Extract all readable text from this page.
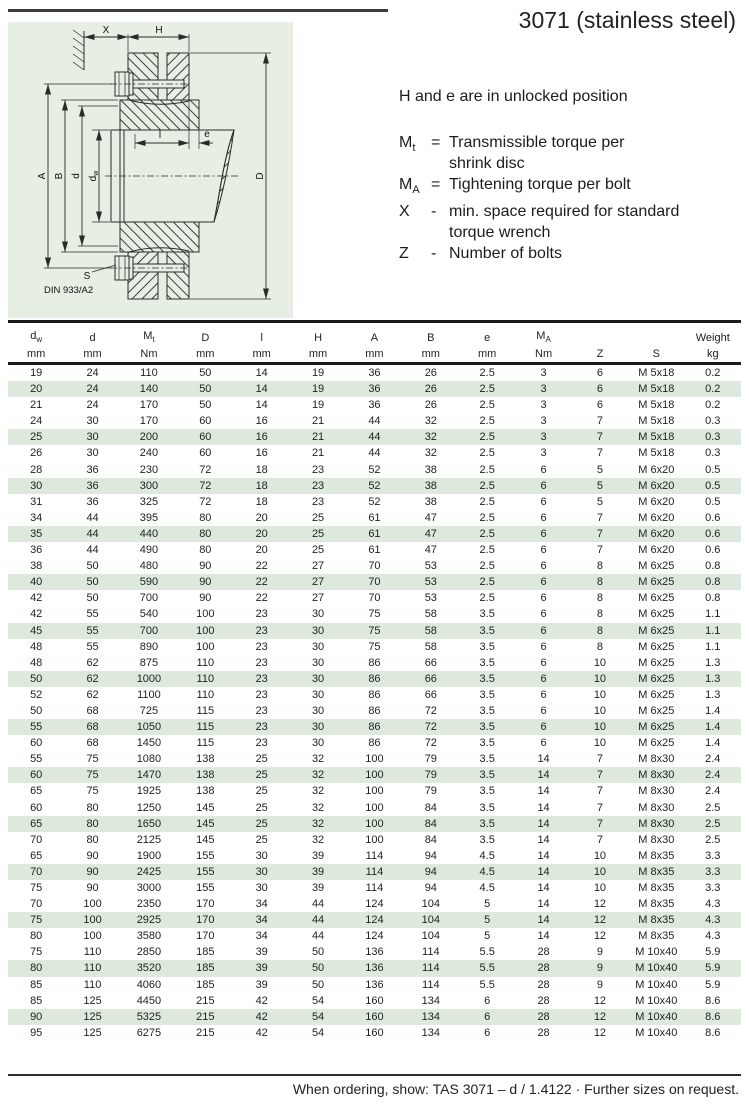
3071 (stainless steel)
X	H
A B d $d_w$	D
l	e
S
DIN 933/A2

H and e are in unlocked position

$M_t$ = Transmissible torque per
shrink disc
$M_A$ = Tightening torque per bolt
X	- min. space required for standard
torque wrench
Z	- Number of bolts
$d_w$	d	$M_t$	D	l	H	A	B	e	$M_A$			Weight
mm	mm	Nm	mm	mm	mm	mm	mm	mm	Nm	Z	S	kg
19	24	110	50	14	19	36	26	2.5	3	6	M 5x18	0.2
20	24	140	50	14	19	36	26	2.5	3	6	M 5x18	0.2
21	24	170	50	14	19	36	26	2.5	3	6	M 5x18	0.2
24	30	170	60	16	21	44	32	2.5	3	7	M 5x18	0.3
25	30	200	60	16	21	44	32	2.5	3	7	M 5x18	0.3
26	30	240	60	16	21	44	32	2.5	3	7	M 5x18	0.3
28	36	230	72	18	23	52	38	2.5	6	5	M 6x20	0.5
30	36	300	72	18	23	52	38	2.5	6	5	M 6x20	0.5
31	36	325	72	18	23	52	38	2.5	6	5	M 6x20	0.5
34	44	395	80	20	25	61	47	2.5	6	7	M 6x20	0.6
35	44	440	80	20	25	61	47	2.5	6	7	M 6x20	0.6
36	44	490	80	20	25	61	47	2.5	6	7	M 6x20	0.6
38	50	480	90	22	27	70	53	2.5	6	8	M 6x25	0.8
40	50	590	90	22	27	70	53	2.5	6	8	M 6x25	0.8
42	50	700	90	22	27	70	53	2.5	6	8	M 6x25	0.8
42	55	540	100	23	30	75	58	3.5	6	8	M 6x25	1.1
45	55	700	100	23	30	75	58	3.5	6	8	M 6x25	1.1
48	55	890	100	23	30	75	58	3.5	6	8	M 6x25	1.1
48	62	875	110	23	30	86	66	3.5	6	10	M 6x25	1.3
50	62	1000	110	23	30	86	66	3.5	6	10	M 6x25	1.3
52	62	1100	110	23	30	86	66	3.5	6	10	M 6x25	1.3
50	68	725	115	23	30	86	72	3.5	6	10	M 6x25	1.4
55	68	1050	115	23	30	86	72	3.5	6	10	M 6x25	1.4
60	68	1450	115	23	30	86	72	3.5	6	10	M 6x25	1.4
55	75	1080	138	25	32	100	79	3.5	14	7	M 8x30	2.4
60	75	1470	138	25	32	100	79	3.5	14	7	M 8x30	2.4
65	75	1925	138	25	32	100	79	3.5	14	7	M 8x30	2.4
60	80	1250	145	25	32	100	84	3.5	14	7	M 8x30	2.5
65	80	1650	145	25	32	100	84	3.5	14	7	M 8x30	2.5
70	80	2125	145	25	32	100	84	3.5	14	7	M 8x30	2.5
65	90	1900	155	30	39	114	94	4.5	14	10	M 8x35	3.3
70	90	2425	155	30	39	114	94	4.5	14	10	M 8x35	3.3
75	90	3000	155	30	39	114	94	4.5	14	10	M 8x35	3.3
70	100	2350	170	34	44	124	104	5	14	12	M 8x35	4.3
75	100	2925	170	34	44	124	104	5	14	12	M 8x35	4.3
80	100	3580	170	34	44	124	104	5	14	12	M 8x35	4.3
75	110	2850	185	39	50	136	114	5.5	28	9	M 10x40	5.9
80	110	3520	185	39	50	136	114	5.5	28	9	M 10x40	5.9
85	110	4060	185	39	50	136	114	5.5	28	9	M 10x40	5.9
85	125	4450	215	42	54	160	134	6	28	12	M 10x40	8.6
90	125	5325	215	42	54	160	134	6	28	12	M 10x40	8.6
95	125	6275	215	42	54	160	134	6	28	12	M 10x40	8.6
When ordering, show: TAS 3071 – d / 1.4122 · Further sizes on request.
